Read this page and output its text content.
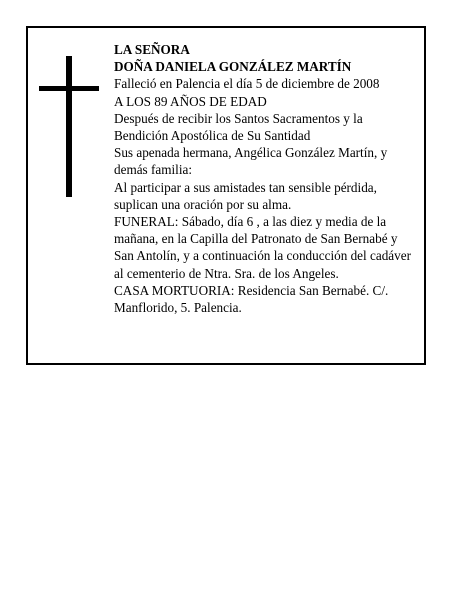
LA SEÑORA

DOÑA DANIELA GONZÁLEZ MARTÍN

Falleció en Palencia el día 5 de diciembre de 2008

A LOS 89 AÑOS DE EDAD

Después de recibir los Santos Sacramentos y la Bendición Apostólica de Su Santidad

Sus apenada hermana, Angélica González Martín, y demás familia:

Al participar a sus amistades tan sensible pérdida, suplican una oración por su alma.

FUNERAL: Sábado, día 6 , a las diez y media de la mañana, en la Capilla del Patronato de San Bernabé y San Antolín, y a continuación la conducción del cadáver al cementerio de Ntra. Sra. de los Angeles.

CASA MORTUORIA: Residencia San Bernabé. C/. Manflorido, 5. Palencia.
